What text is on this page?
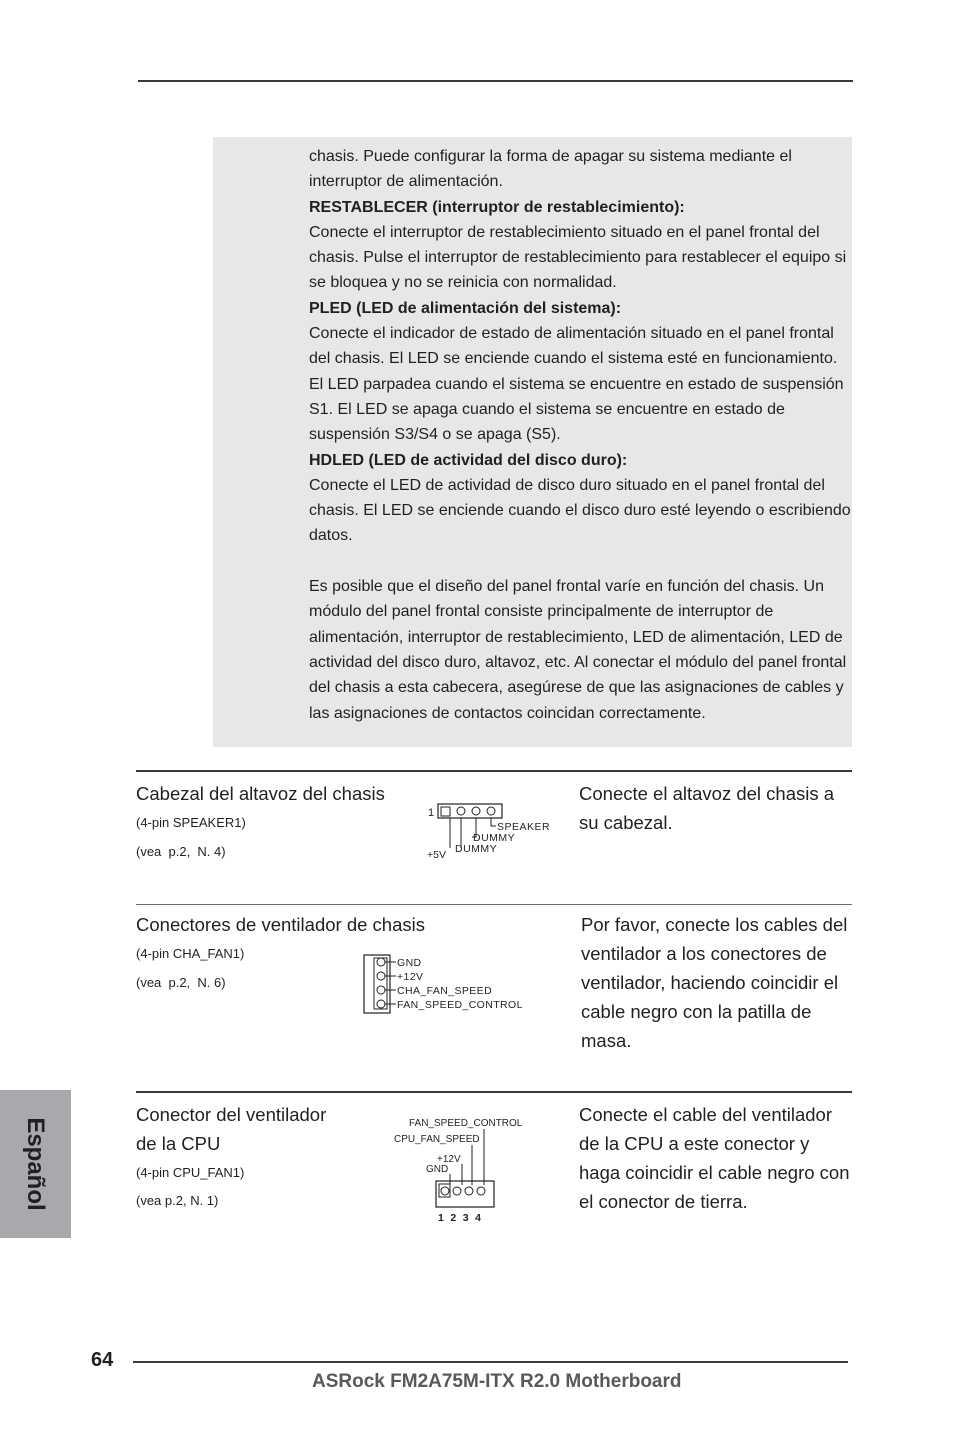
chasis. Puede configurar la forma de apagar su sistema mediante el interruptor de alimentación.

RESTABLECER (interruptor de restablecimiento):

Conecte el interruptor de restablecimiento situado en el panel frontal del chasis. Pulse el interruptor de restablecimiento para restablecer el equipo si se bloquea y no se reinicia con normalidad.

PLED (LED de alimentación del sistema):

Conecte el indicador de estado de alimentación situado en el panel frontal del chasis. El LED se enciende cuando el sistema esté en funcionamiento. El LED parpadea cuando el sistema se encuentre en estado de suspensión S1. El LED se apaga cuando el sistema se encuentre en estado de suspensión S3/S4 o se apaga (S5).

HDLED (LED de actividad del disco duro):

Conecte el LED de actividad de disco duro situado en el panel frontal del chasis. El LED se enciende cuando el disco duro esté leyendo o escribiendo datos.

Es posible que el diseño del panel frontal varíe en función del chasis. Un módulo del panel frontal consiste principalmente de interruptor de alimentación, interruptor de restablecimiento, LED de alimentación, LED de actividad del disco duro, altavoz, etc. Al conectar el módulo del panel frontal del chasis a esta cabecera, asegúrese de que las asignaciones de cables y las asignaciones de contactos coincidan correctamente.

Cabezal del altavoz del chasis
(4-pin SPEAKER1)
(vea  p.2,  N. 4)
Conecte el altavoz del chasis a su cabezal.
1
SPEAKER
DUMMY
DUMMY
+5V
Conectores de ventilador de chasis
(4-pin CHA_FAN1)
(vea  p.2,  N. 6)
Por favor, conecte los cables del ventilador a los conectores de ventilador, haciendo coincidir el cable negro con la patilla de masa.
GND
+12V
CHA_FAN_SPEED
FAN_SPEED_CONTROL
Conector del ventilador de la CPU
(4-pin CPU_FAN1)
(vea p.2, N. 1)
Conecte el cable del ventilador de la CPU a este conector y haga coincidir el cable negro con el conector de tierra.
FAN_SPEED_CONTROL
CPU_FAN_SPEED
+12V
GND
1 2 3 4
Español
64
ASRock FM2A75M-ITX R2.0 Motherboard
